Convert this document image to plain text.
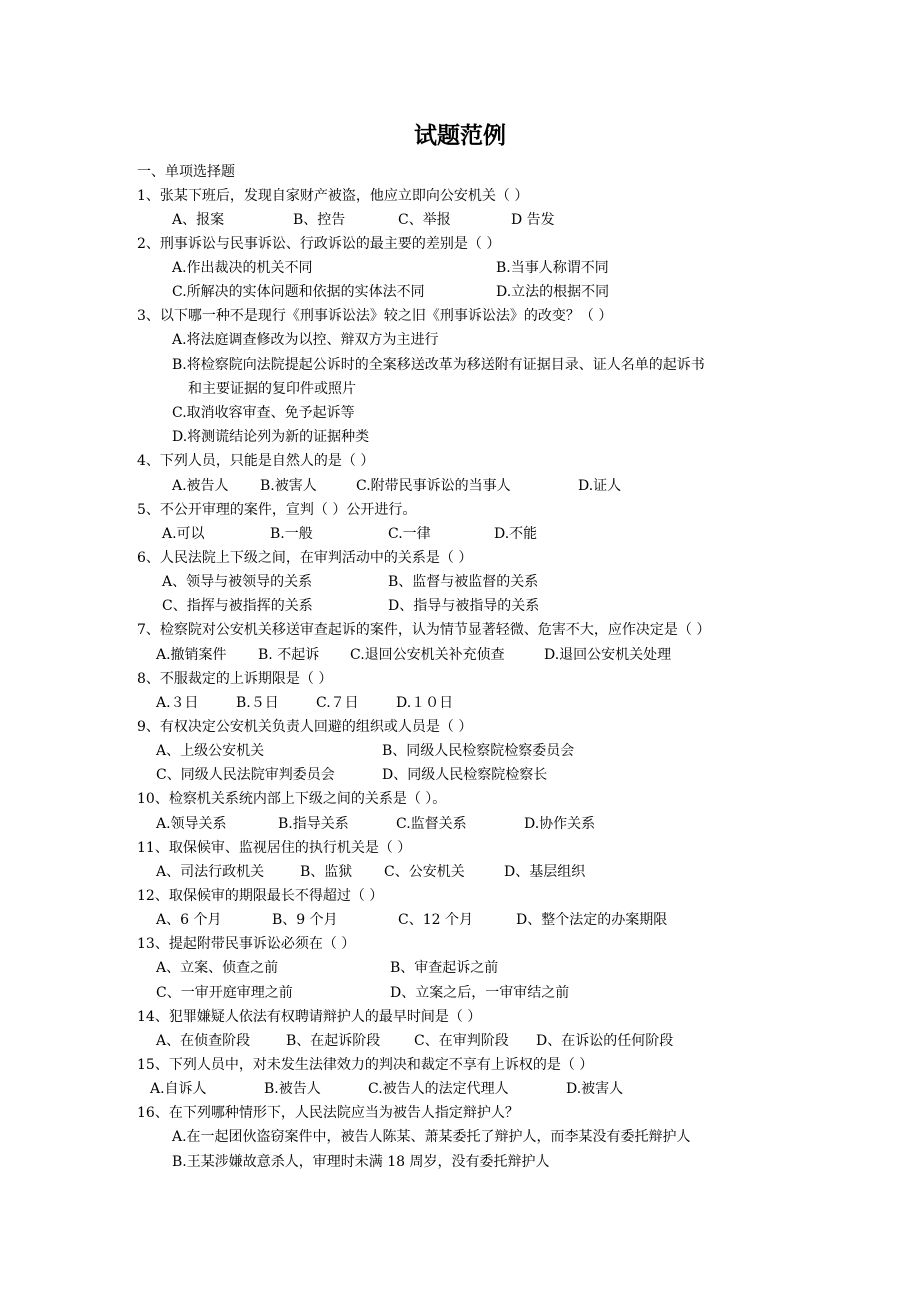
试题范例
一、单项选择题
1、张某下班后，发现自家财产被盗，他应立即向公安机关（ ）
A、报案	B、控告	C、举报	D 告发
2、刑事诉讼与民事诉讼、行政诉讼的最主要的差别是（ ）
A.作出裁决的机关不同	B.当事人称谓不同
C.所解决的实体问题和依据的实体法不同	D.立法的根据不同
3、以下哪一种不是现行《刑事诉讼法》较之旧《刑事诉讼法》的改变？（ ）
A.将法庭调查修改为以控、辩双方为主进行
B.将检察院向法院提起公诉时的全案移送改革为移送附有证据目录、证人名单的起诉书
和主要证据的复印件或照片
C.取消收容审查、免予起诉等
D.将测谎结论列为新的证据种类
4、下列人员，只能是自然人的是（ ）
A.被告人 B.被害人	C.附带民事诉讼的当事人	D.证人
5、不公开审理的案件，宣判（ ）公开进行。
A.可以	B.一般	C.一律	D.不能
6、人民法院上下级之间，在审判活动中的关系是（ ）
A、领导与被领导的关系	B、监督与被监督的关系
C、指挥与被指挥的关系	D、指导与被指导的关系
7、检察院对公安机关移送审查起诉的案件，认为情节显著轻微、危害不大，应作决定是（ ）
A.撤销案件 B. 不起诉 C.退回公安机关补充侦查	D.退回公安机关处理
8、不服裁定的上诉期限是（ ）
A.３日	B.５日	C.７日	D.１０日
9、有权决定公安机关负责人回避的组织或人员是（ ）
A、上级公安机关	B、同级人民检察院检察委员会
C、同级人民法院审判委员会	D、同级人民检察院检察长
10、检察机关系统内部上下级之间的关系是（ ）。
A.领导关系	B.指导关系	C.监督关系	D.协作关系
11、取保候审、监视居住的执行机关是（ ）
A、司法行政机关	B、监狱 C、公安机关	D、基层组织
12、取保候审的期限最长不得超过（ ）
A、6 个月	B、9 个月	C、12 个月	D、整个法定的办案期限
13、提起附带民事诉讼必须在（ ）
A、立案、侦查之前	B、审查起诉之前
C、一审开庭审理之前	D、立案之后，一审审结之前
14、犯罪嫌疑人依法有权聘请辩护人的最早时间是（ ）
A、在侦查阶段	B、在起诉阶段 C、在审判阶段 D、在诉讼的任何阶段
15、下列人员中，对未发生法律效力的判决和裁定不享有上诉权的是（ ）
A.自诉人	B.被告人	C.被告人的法定代理人	D.被害人
16、在下列哪种情形下，人民法院应当为被告人指定辩护人？
A.在一起团伙盗窃案件中，被告人陈某、萧某委托了辩护人，而李某没有委托辩护人
B.王某涉嫌故意杀人，审理时未满 18 周岁，没有委托辩护人
